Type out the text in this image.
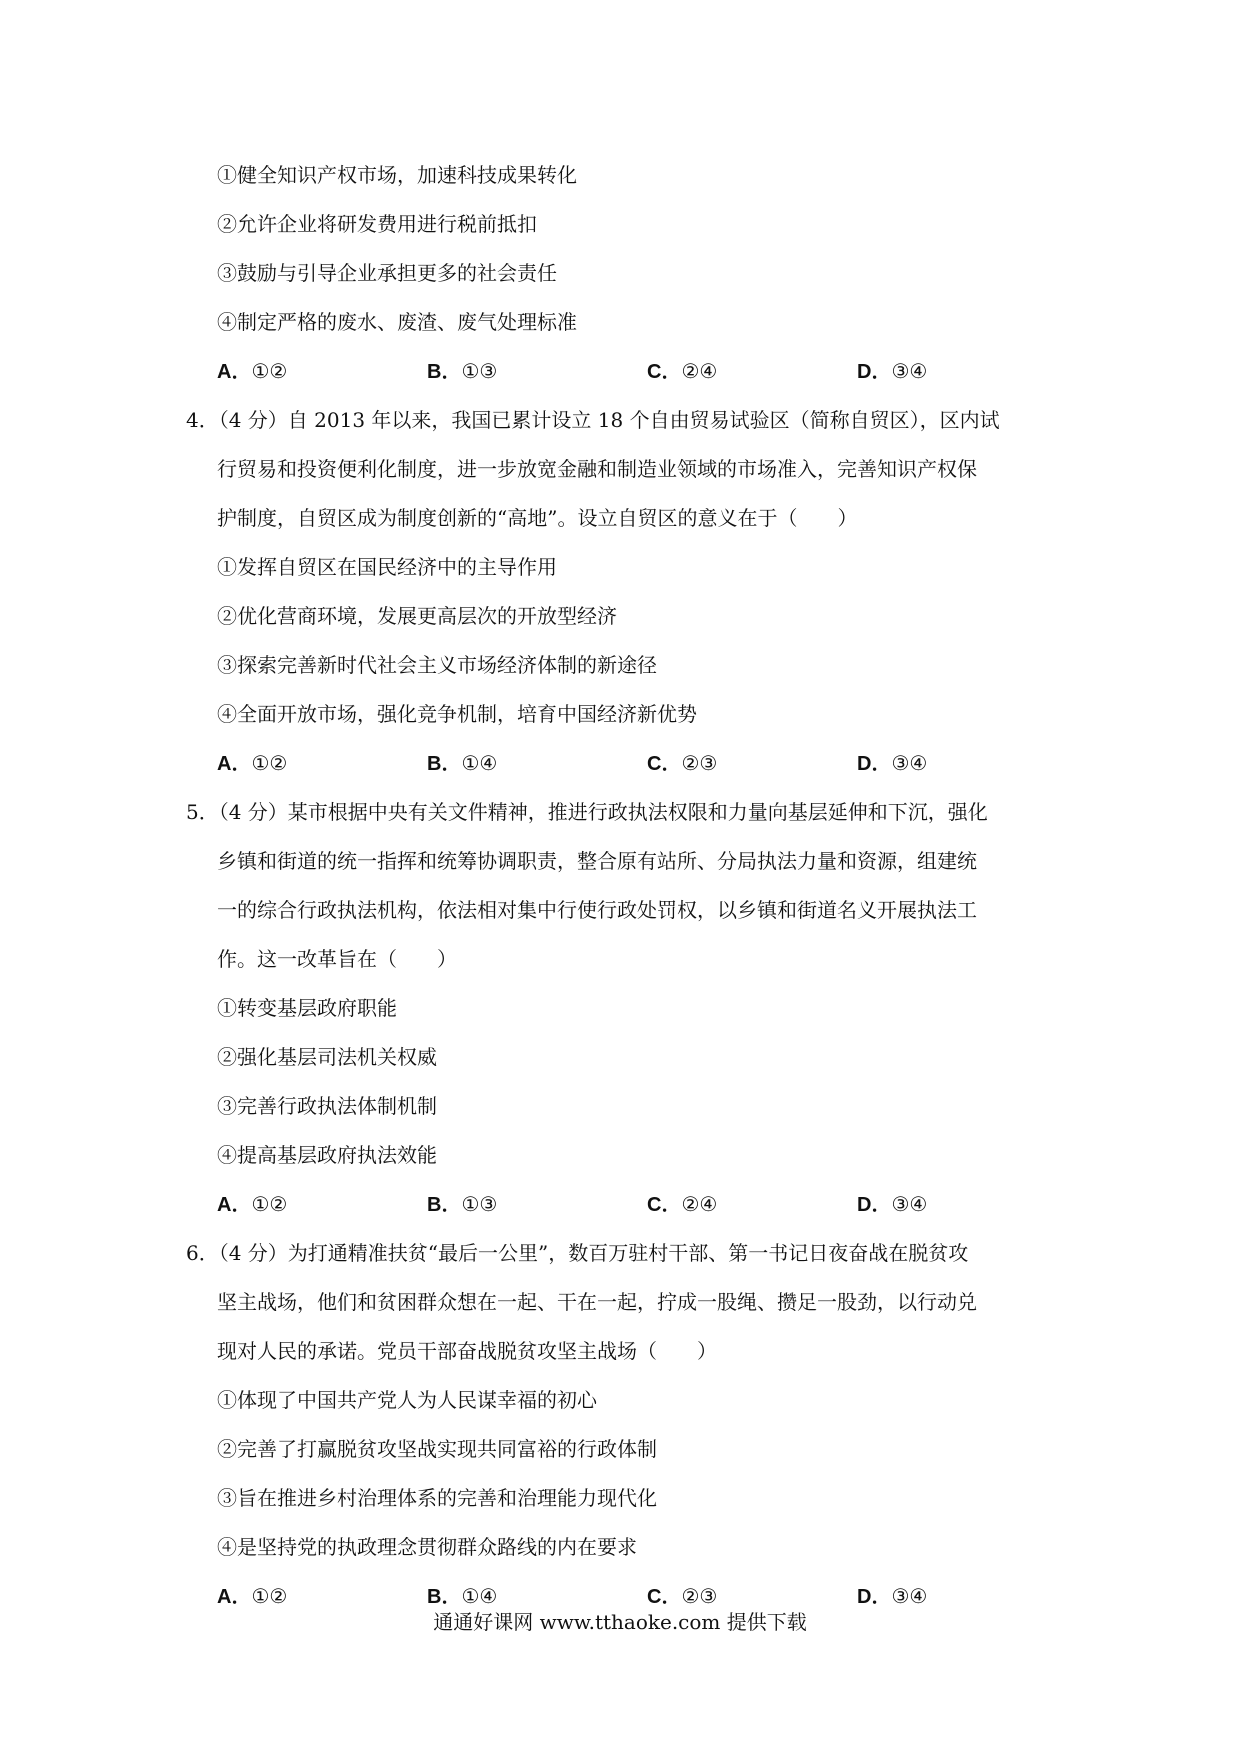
①健全知识产权市场，加速科技成果转化
②允许企业将研发费用进行税前抵扣
③鼓励与引导企业承担更多的社会责任
④制定严格的废水、废渣、废气处理标准
A．①②	B．①③	C．②④	D．③④
4．（4 分）自 2013 年以来，我国已累计设立 18 个自由贸易试验区（简称自贸区），区内试
行贸易和投资便利化制度，进一步放宽金融和制造业领域的市场准入，完善知识产权保
护制度，自贸区成为制度创新的“高地”。设立自贸区的意义在于（　　）
①发挥自贸区在国民经济中的主导作用
②优化营商环境，发展更高层次的开放型经济
③探索完善新时代社会主义市场经济体制的新途径
④全面开放市场，强化竞争机制，培育中国经济新优势
A．①②	B．①④	C．②③	D．③④
5．（4 分）某市根据中央有关文件精神，推进行政执法权限和力量向基层延伸和下沉，强化
乡镇和街道的统一指挥和统筹协调职责，整合原有站所、分局执法力量和资源，组建统
一的综合行政执法机构，依法相对集中行使行政处罚权，以乡镇和街道名义开展执法工
作。这一改革旨在（　　）
①转变基层政府职能
②强化基层司法机关权威
③完善行政执法体制机制
④提高基层政府执法效能
A．①②	B．①③	C．②④	D．③④
6．（4 分）为打通精准扶贫“最后一公里”，数百万驻村干部、第一书记日夜奋战在脱贫攻
坚主战场，他们和贫困群众想在一起、干在一起，拧成一股绳、攒足一股劲，以行动兑
现对人民的承诺。党员干部奋战脱贫攻坚主战场（　　）
①体现了中国共产党人为人民谋幸福的初心
②完善了打赢脱贫攻坚战实现共同富裕的行政体制
③旨在推进乡村治理体系的完善和治理能力现代化
④是坚持党的执政理念贯彻群众路线的内在要求
A．①②	B．①④	C．②③	D．③④
通通好课网 www.tthaoke.com 提供下载
